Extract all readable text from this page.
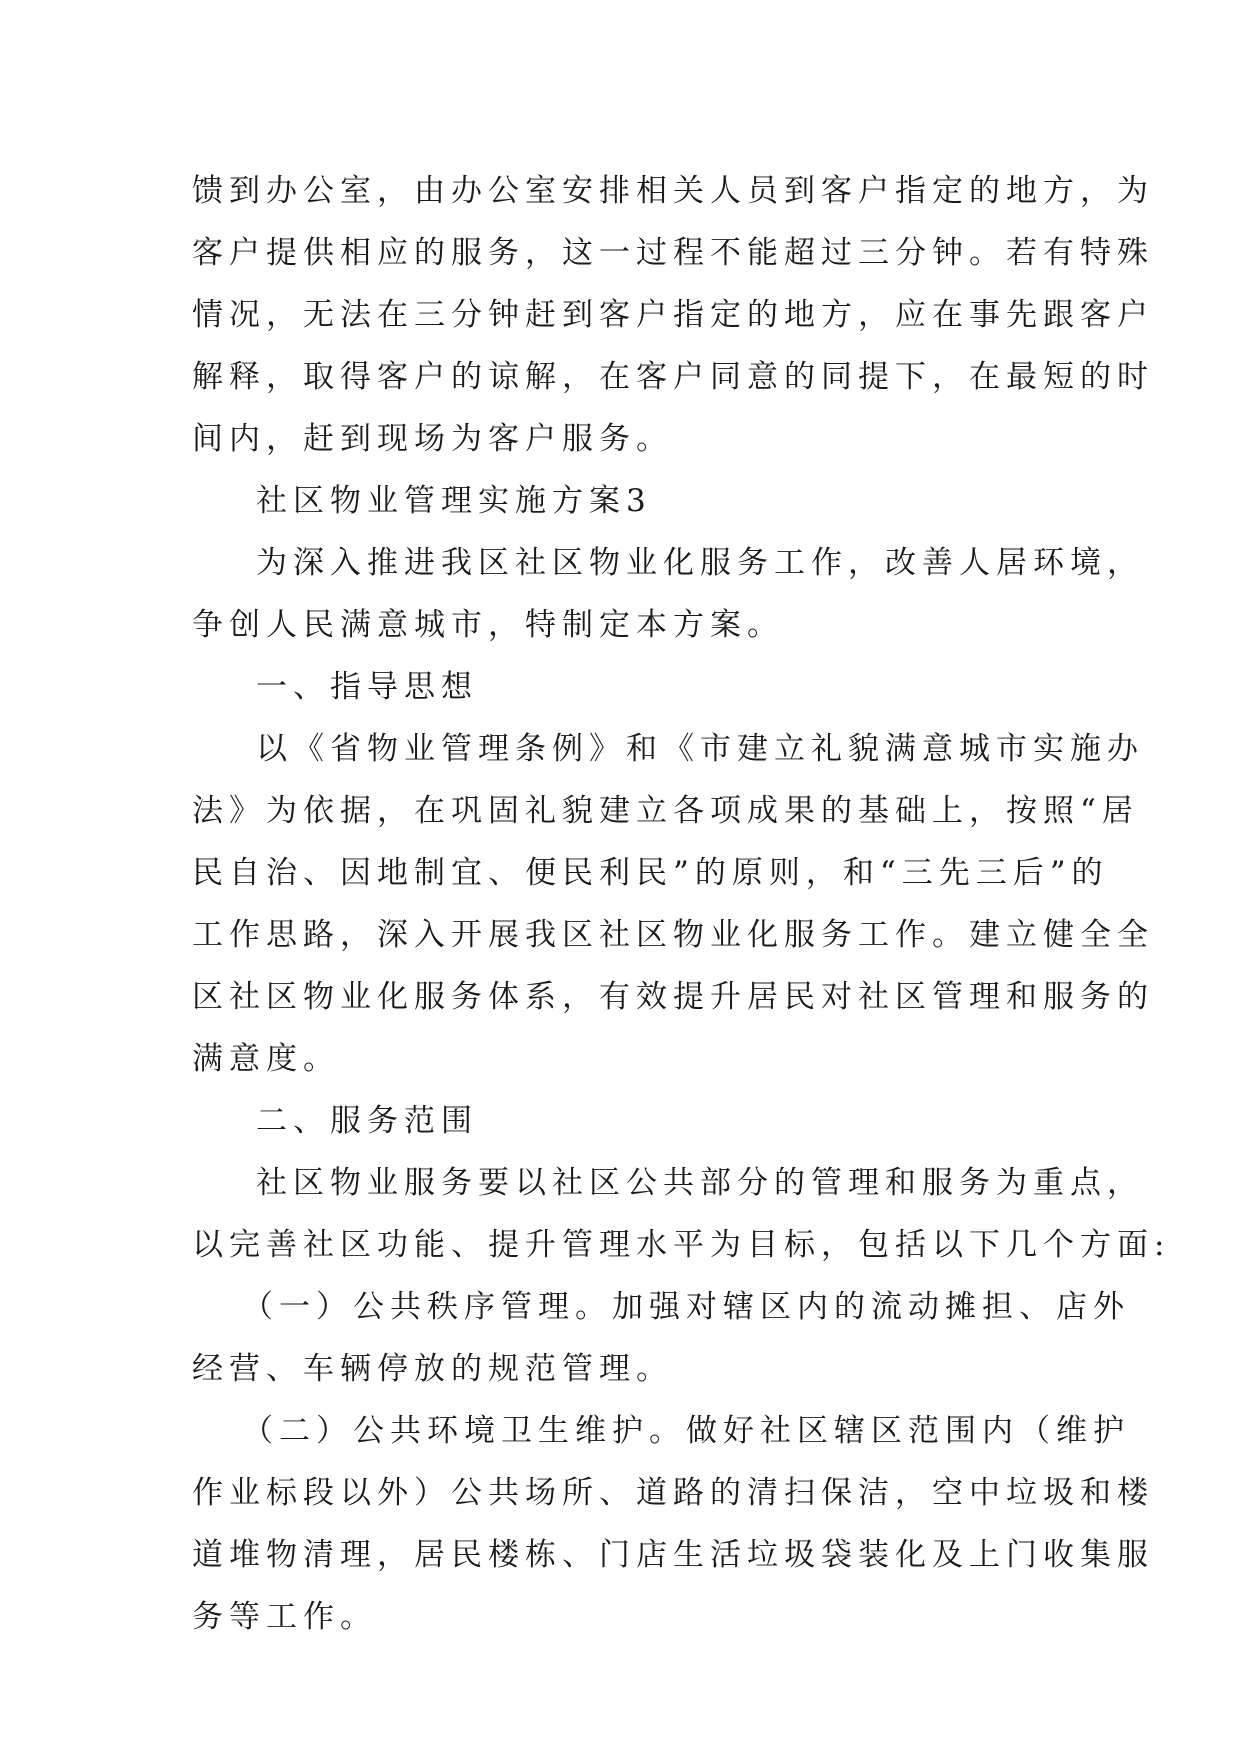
馈到办公室，由办公室安排相关人员到客户指定的地方，为
客户提供相应的服务，这一过程不能超过三分钟。若有特殊
情况，无法在三分钟赶到客户指定的地方，应在事先跟客户
解释，取得客户的谅解，在客户同意的同提下，在最短的时
间内，赶到现场为客户服务。
社区物业管理实施方案3
为深入推进我区社区物业化服务工作，改善人居环境，
争创人民满意城市，特制定本方案。
一、指导思想
以《省物业管理条例》和《市建立礼貌满意城市实施办
法》为依据，在巩固礼貌建立各项成果的基础上，按照“居
民自治、因地制宜、便民利民”的原则，和“三先三后”的
工作思路，深入开展我区社区物业化服务工作。建立健全全
区社区物业化服务体系，有效提升居民对社区管理和服务的
满意度。
二、服务范围
社区物业服务要以社区公共部分的管理和服务为重点，
以完善社区功能、提升管理水平为目标，包括以下几个方面:
（一）公共秩序管理。加强对辖区内的流动摊担、店外
经营、车辆停放的规范管理。
（二）公共环境卫生维护。做好社区辖区范围内（维护
作业标段以外）公共场所、道路的清扫保洁，空中垃圾和楼
道堆物清理，居民楼栋、门店生活垃圾袋装化及上门收集服
务等工作。
